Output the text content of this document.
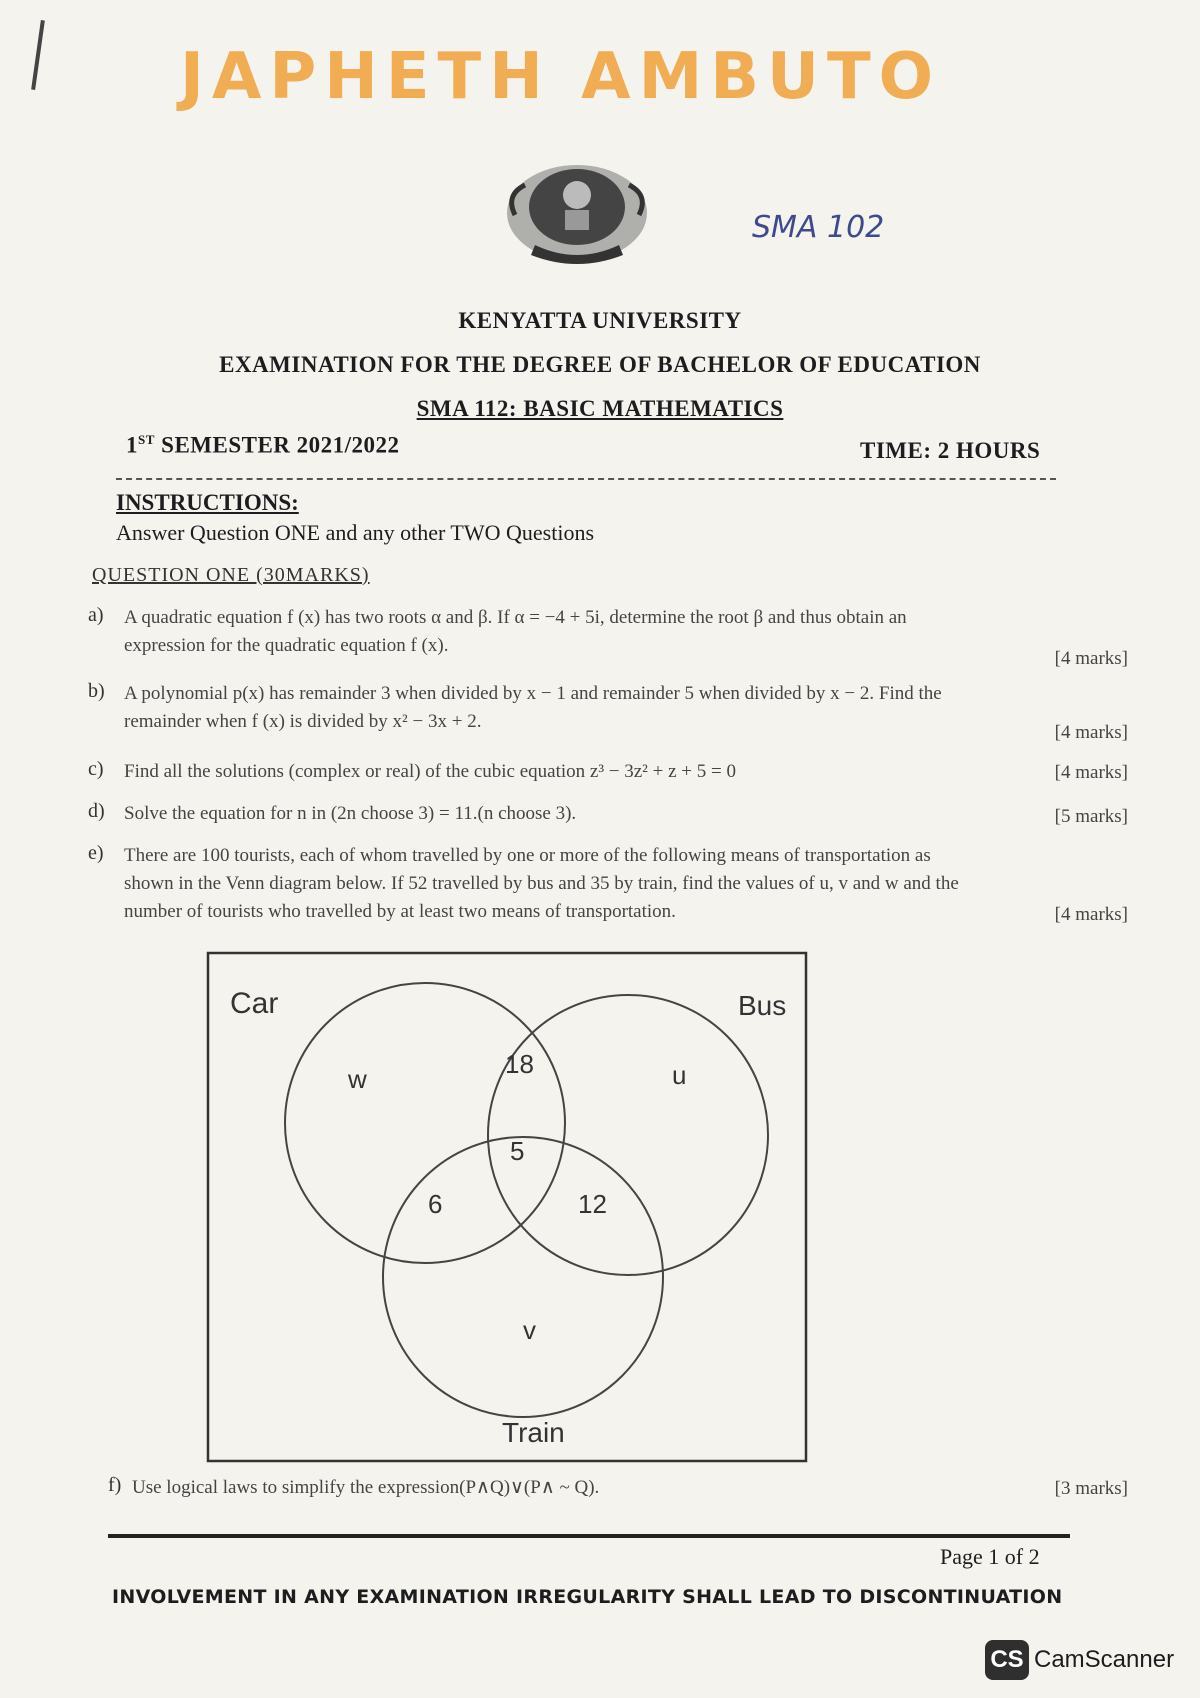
JAPHETH AMBUTO
SMA 102
KENYATTA UNIVERSITY
EXAMINATION FOR THE DEGREE OF BACHELOR OF EDUCATION
SMA 112: BASIC MATHEMATICS
1ST SEMESTER 2021/2022	TIME: 2 HOURS
INSTRUCTIONS:
Answer Question ONE and any other TWO Questions
QUESTION ONE (30MARKS)
a) A quadratic equation f (x) has two roots α and β. If α = −4 + 5i, determine the root β and thus obtain an
expression for the quadratic equation f (x).
[4 marks]
b) A polynomial p(x) has remainder 3 when divided by x − 1 and remainder 5 when divided by x − 2. Find the
remainder when f (x) is divided by x² − 3x + 2.
[4 marks]
c) Find all the solutions (complex or real) of the cubic equation z³ − 3z² + z + 5 = 0	[4 marks]
d) Solve the equation for n in (2n choose 3) = 11.(n choose 3).	[5 marks]
e) There are 100 tourists, each of whom travelled by one or more of the following means of transportation as
shown in the Venn diagram below. If 52 travelled by bus and 35 by train, find the values of u, v and w and the
number of tourists who travelled by at least two means of transportation.	[4 marks]
Car	Bus
Train
w	u
v
18
5
6	12
f) Use logical laws to simplify the expression(P∧Q)∨(P∧ ~ Q).	[3 marks]
Page 1 of 2
INVOLVEMENT IN ANY EXAMINATION IRREGULARITY SHALL LEAD TO DISCONTINUATION
CS CamScanner
